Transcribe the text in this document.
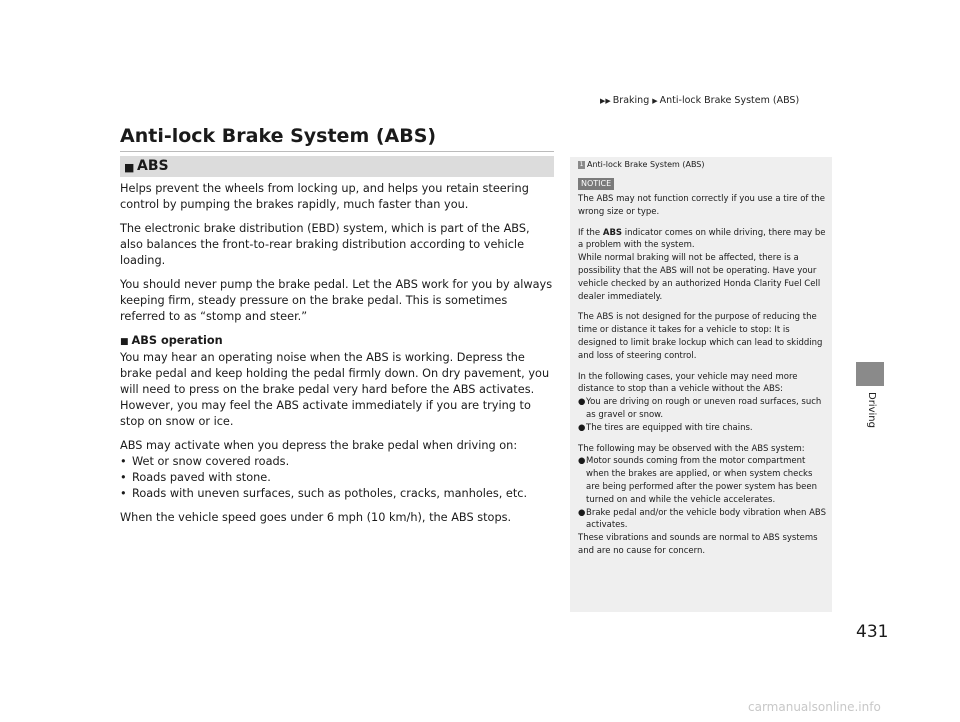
▶▶ Braking ▶ Anti-lock Brake System (ABS)
Driving
Anti-lock Brake System (ABS)
■ ABS

Helps prevent the wheels from locking up, and helps you retain steering control by pumping the brakes rapidly, much faster than you.

The electronic brake distribution (EBD) system, which is part of the ABS, also balances the front-to-rear braking distribution according to vehicle loading.

You should never pump the brake pedal. Let the ABS work for you by always keeping firm, steady pressure on the brake pedal. This is sometimes referred to as “stomp and steer.”

■ ABS operation

You may hear an operating noise when the ABS is working. Depress the brake pedal and keep holding the pedal firmly down. On dry pavement, you will need to press on the brake pedal very hard before the ABS activates. However, you may feel the ABS activate immediately if you are trying to stop on snow or ice.

ABS may activate when you depress the brake pedal when driving on:

• Wet or snow covered roads.
• Roads paved with stone.
• Roads with uneven surfaces, such as potholes, cracks, manholes, etc.

When the vehicle speed goes under 6 mph (10 km/h), the ABS stops.

1 Anti-lock Brake System (ABS)
NOTICE

The ABS may not function correctly if you use a tire of the wrong size or type.

If the ABS indicator comes on while driving, there may be a problem with the system.

While normal braking will not be affected, there is a possibility that the ABS will not be operating. Have your vehicle checked by an authorized Honda Clarity Fuel Cell dealer immediately.

The ABS is not designed for the purpose of reducing the time or distance it takes for a vehicle to stop: It is designed to limit brake lockup which can lead to skidding and loss of steering control.

In the following cases, your vehicle may need more distance to stop than a vehicle without the ABS:

● You are driving on rough or uneven road surfaces, such as gravel or snow.
● The tires are equipped with tire chains.

The following may be observed with the ABS system:

● Motor sounds coming from the motor compartment when the brakes are applied, or when system checks are being performed after the power system has been turned on and while the vehicle accelerates.
● Brake pedal and/or the vehicle body vibration when ABS activates.

These vibrations and sounds are normal to ABS systems and are no cause for concern.

431
carmanualsonline.info
